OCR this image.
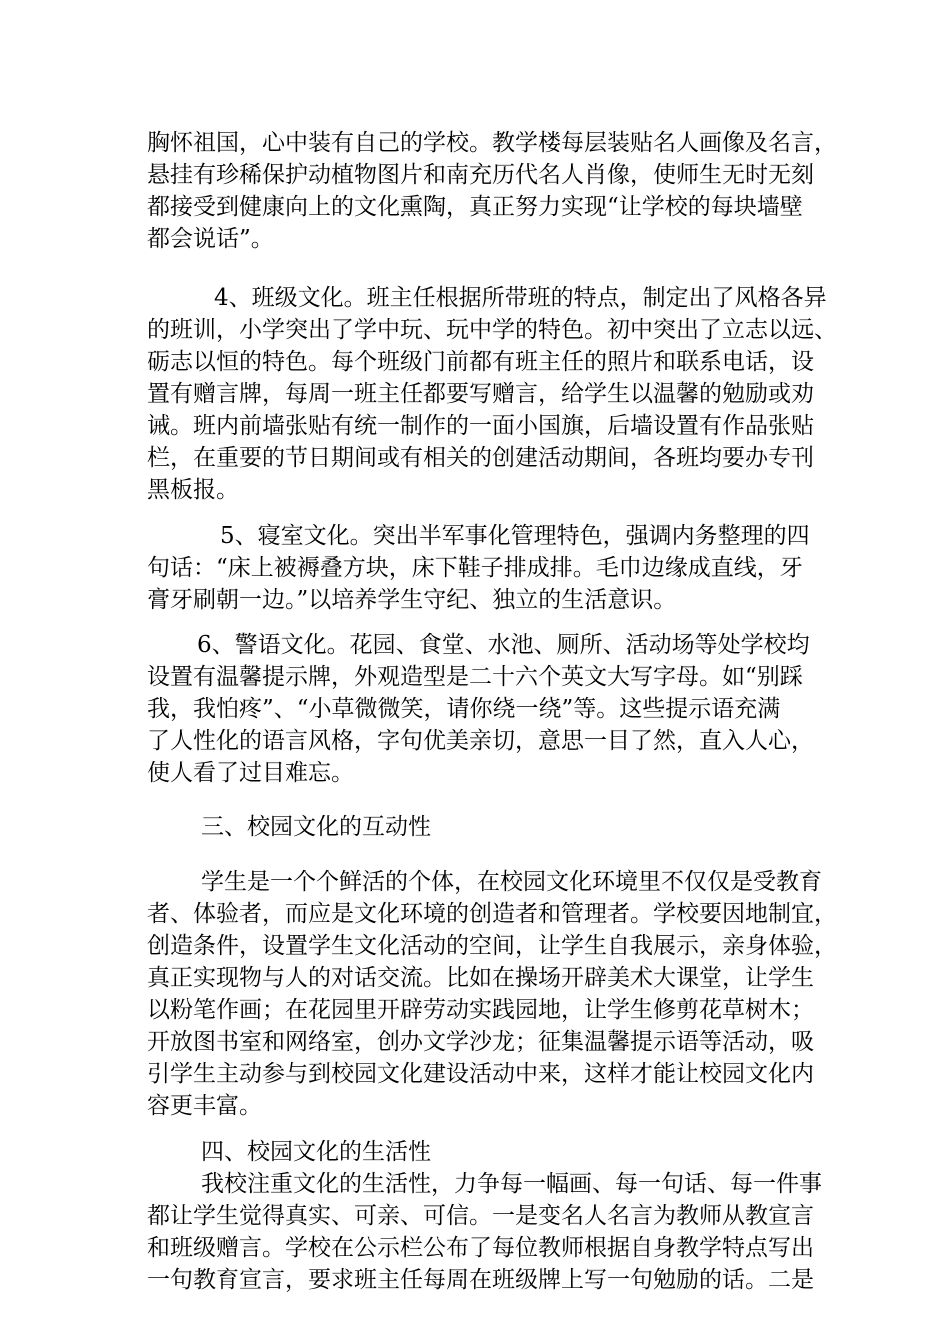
胸怀祖国，心中装有自己的学校。教学楼每层装贴名人画像及名言，
悬挂有珍稀保护动植物图片和南充历代名人肖像，使师生无时无刻
都接受到健康向上的文化熏陶，真正努力实现“让学校的每块墙壁
都会说话”。
4、班级文化。班主任根据所带班的特点，制定出了风格各异
的班训，小学突出了学中玩、玩中学的特色。初中突出了立志以远、
砺志以恒的特色。每个班级门前都有班主任的照片和联系电话，设
置有赠言牌，每周一班主任都要写赠言，给学生以温馨的勉励或劝
诫。班内前墙张贴有统一制作的一面小国旗，后墙设置有作品张贴
栏，在重要的节日期间或有相关的创建活动期间，各班均要办专刊
黑板报。
5、寝室文化。突出半军事化管理特色，强调内务整理的四
句话：“床上被褥叠方块，床下鞋子排成排。毛巾边缘成直线，牙
膏牙刷朝一边。”以培养学生守纪、独立的生活意识。
6、警语文化。花园、食堂、水池、厕所、活动场等处学校均
设置有温馨提示牌，外观造型是二十六个英文大写字母。如“别踩
我，我怕疼”、“小草微微笑，请你绕一绕”等。这些提示语充满
了人性化的语言风格，字句优美亲切，意思一目了然，直入人心，
使人看了过目难忘。
三、校园文化的互动性
学生是一个个鲜活的个体，在校园文化环境里不仅仅是受教育
者、体验者，而应是文化环境的创造者和管理者。学校要因地制宜，
创造条件，设置学生文化活动的空间，让学生自我展示，亲身体验，
真正实现物与人的对话交流。比如在操场开辟美术大课堂，让学生
以粉笔作画；在花园里开辟劳动实践园地，让学生修剪花草树木；
开放图书室和网络室，创办文学沙龙；征集温馨提示语等活动，吸
引学生主动参与到校园文化建设活动中来，这样才能让校园文化内
容更丰富。
四、校园文化的生活性
我校注重文化的生活性，力争每一幅画、每一句话、每一件事
都让学生觉得真实、可亲、可信。一是变名人名言为教师从教宣言
和班级赠言。学校在公示栏公布了每位教师根据自身教学特点写出
一句教育宣言，要求班主任每周在班级牌上写一句勉励的话。二是
